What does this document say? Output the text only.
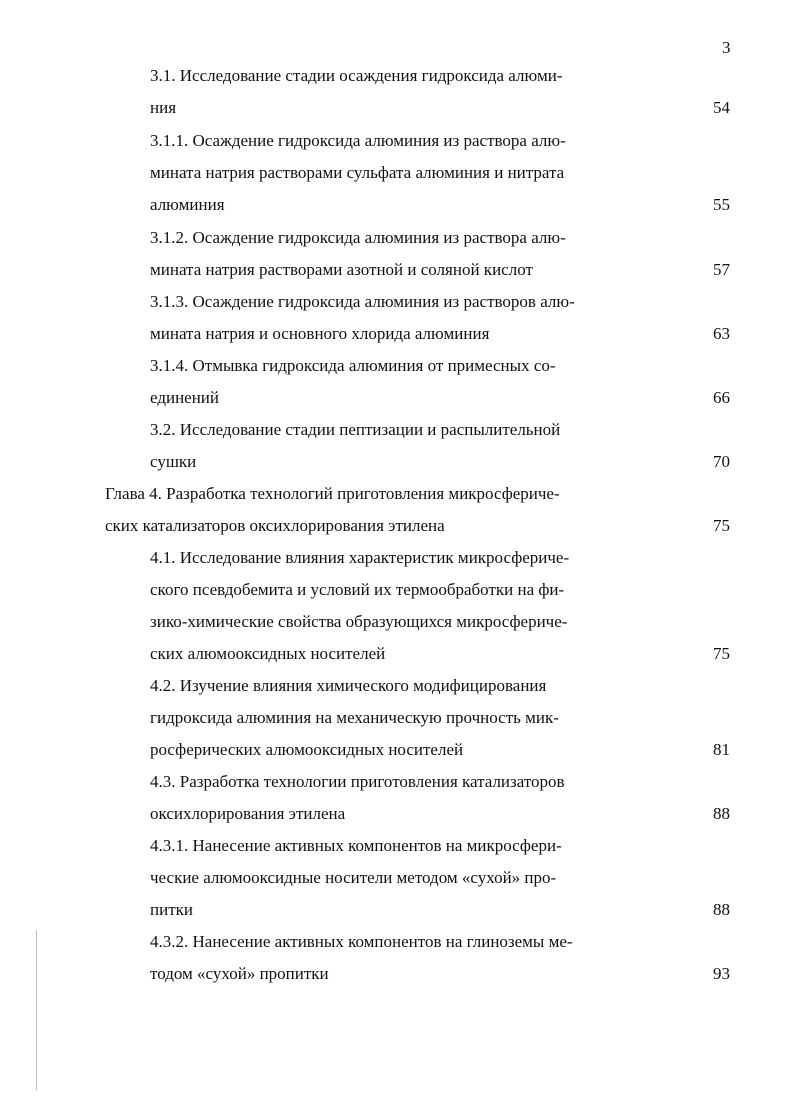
3
3.1. Исследование стадии осаждения гидроксида алюми-
ния	54
3.1.1. Осаждение гидроксида алюминия из раствора алю-
мината натрия растворами сульфата алюминия и нитрата
алюминия	55
3.1.2. Осаждение гидроксида алюминия из раствора алю-
мината натрия растворами азотной и соляной кислот	57
3.1.3. Осаждение гидроксида алюминия из растворов алю-
мината натрия и основного хлорида алюминия	63
3.1.4. Отмывка гидроксида алюминия от примесных со-
единений	66
3.2. Исследование стадии пептизации и распылительной
сушки	70
Глава 4. Разработка технологий приготовления микросфериче-
ских катализаторов оксихлорирования этилена	75
4.1. Исследование влияния характеристик микросфериче-
ского псевдобемита и условий их термообработки на фи-
зико-химические свойства образующихся микросфериче-
ских алюмооксидных носителей	75
4.2. Изучение влияния химического модифицирования
гидроксида алюминия на механическую прочность мик-
росферических алюмооксидных носителей	81
4.3. Разработка технологии приготовления катализаторов
оксихлорирования этилена	88
4.3.1. Нанесение активных компонентов на микросфери-
ческие алюмооксидные носители методом «сухой» про-
питки	88
4.3.2. Нанесение активных компонентов на глиноземы ме-
тодом «сухой» пропитки	93
